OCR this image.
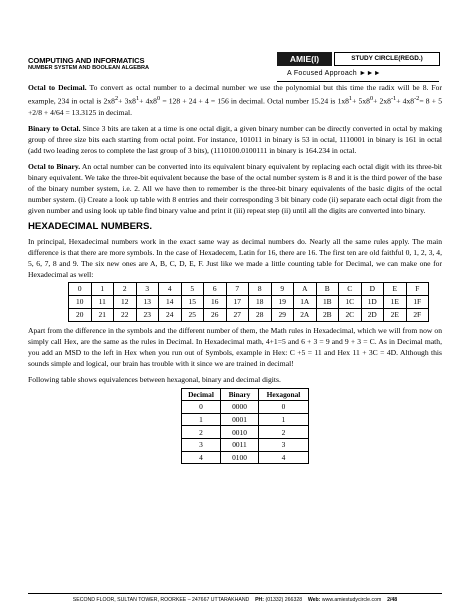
COMPUTING AND INFORMATICS
NUMBER SYSTEM AND BOOLEAN ALGEBRA
AMIE(I)	STUDY CIRCLE(REGD.)
A Focused Approach ►►►

Octal to Decimal. To convert as octal number to a decimal number we use the polynomial but this time the radix will be 8. For example, 234 in octal is $2x8^2+ 3x8^1+ 4x8^0 = 128 + 24 + 4 = 156$ in decimal. Octal number 15.24 is $1x8^1+ 5x8^0+ 2x8^{-1}+ 4x8^{-2}= 8 + 5 +2/8 + 4/64 = 13.3125$ in decimal.

Binary to Octal. Since 3 bits are taken at a time is one octal digit, a given binary number can be directly converted in octal by making group of three size bits each starting from octal point. For instance, 101011 in binary is 53 in octal, 1110001 in binary is 161 in octal (add two leading zeros to complete the last group of 3 bits), (1110100.0100111 in binary is 164.234 in octal.

Octal to Binary. An octal number can be converted into its equivalent binary equivalent by replacing each octal digit with its three-bit binary equivalent. We take the three-bit equivalent because the base of the octal number system is 8 and it is the third power of the base of the binary number system, i.e. 2. All we have then to remember is the three-bit binary equivalents of the basic digits of the octal number system. (i) Create a look up table with 8 entries and their corresponding 3 bit binary code (ii) separate each octal digit from the given number and using look up table find binary value and print it (iii) repeat step (ii) until all the digits are converted into binary.

HEXADECIMAL NUMBERS.

In principal, Hexadecimal numbers work in the exact same way as decimal numbers do. Nearly all the same rules apply. The main difference is that there are more symbols. In the case of Hexadecem, Latin for 16, there are 16. The first ten are old faithful 0, 1, 2, 3, 4, 5, 6, 7, 8 and 9. The six new ones are A, B, C, D, E, F. Just like we made a little counting table for Decimal, we can make one for Hexadecimal as well:

0	1	2	3	4	5	6	7	8	9	A	B	C	D	E	F
10	11	12	13	14	15	16	17	18	19	1A	1B	1C	1D	1E	1F
20	21	22	23	24	25	26	27	28	29	2A	2B	2C	2D	2E	2F

Apart from the difference in the symbols and the different number of them, the Math rules in Hexadecimal, which we will from now on simply call Hex, are the same as the rules in Decimal. In Hexadecimal math, 4+1=5 and 6 + 3 = 9 and 9 + 3 = C. As in Decimal math, you add an MSD to the left in Hex when you run out of Symbols, example in Hex: C +5 = 11 and Hex 11 + 3C = 4D. Although this sounds simple and logical, our brain has trouble with it since we are trained in decimal!

Following table shows equivalences between hexagonal, binary and decimal digits.

Decimal	Binary	Hexagonal
0	0000	0
1	0001	1
2	0010	2
3	0011	3
4	0100	4
SECOND FLOOR, SULTAN TOWER, ROORKEE – 247667 UTTARAKHAND PH: (01332) 266328 Web: www.amiestudycircle.com 2/48
